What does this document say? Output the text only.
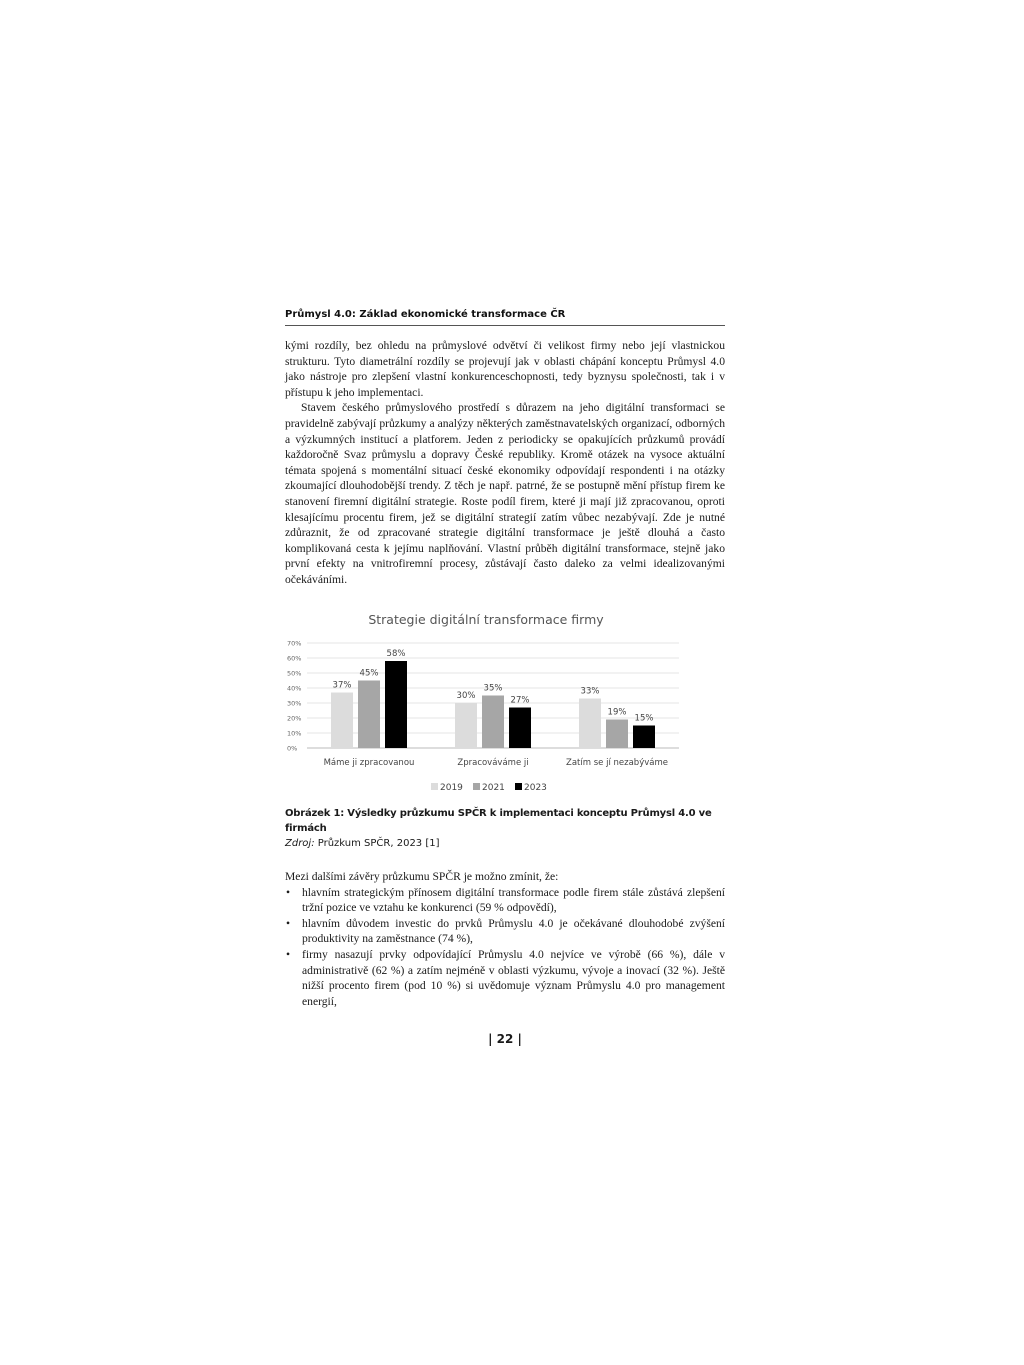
Průmysl 4.0: Základ ekonomické transformace ČR

kými rozdíly, bez ohledu na průmyslové odvětví či velikost firmy nebo její vlastnickou strukturu. Tyto diametrální rozdíly se projevují jak v oblasti chápání konceptu Průmysl 4.0 jako nástroje pro zlepšení vlastní konkurenceschopnosti, tedy byznysu společnosti, tak i v přístupu k jeho implementaci.

Stavem českého průmyslového prostředí s důrazem na jeho digitální transformaci se pravidelně zabývají průzkumy a analýzy některých zaměstnavatelských organizací, odborných a výzkumných institucí a platforem. Jeden z periodicky se opakujících průzkumů provádí každoročně Svaz průmyslu a dopravy České republiky. Kromě otázek na vysoce aktuální témata spojená s momentální situací české ekonomiky odpovídají respondenti i na otázky zkoumající dlouhodobější trendy. Z těch je např. patrné, že se postupně mění přístup firem ke stanovení firemní digitální strategie. Roste podíl firem, které ji mají již zpracovanou, oproti klesajícímu procentu firem, jež se digitální strategií zatím vůbec nezabývají. Zde je nutné zdůraznit, že od zpracované strategie digitální transformace je ještě dlouhá a často komplikovaná cesta k jejímu naplňování. Vlastní průběh digitální transformace, stejně jako první efekty na vnitrofiremní procesy, zůstávají často daleko za velmi idealizovanými očekáváními.

Strategie digitální transformace firmy
0%
10%
20%
30%
40%
50%
60%
70%
37%
45%
58%
Máme ji zpracovanou
30%
35%
27%
Zpracováváme ji
33%
19%
15%
Zatím se jí nezabýváme
2019 2021 2023
Obrázek 1: Výsledky průzkumu SPČR k implementaci konceptu Průmysl 4.0 ve firmách
Zdroj: Průzkum SPČR, 2023 [1]

Mezi dalšími závěry průzkumu SPČR je možno zmínit, že:

• hlavním strategickým přínosem digitální transformace podle firem stále zůstává zlepšení tržní pozice ve vztahu ke konkurenci (59 % odpovědí),
• hlavním důvodem investic do prvků Průmyslu 4.0 je očekávané dlouhodobé zvýšení produktivity na zaměstnance (74 %),
• firmy nasazují prvky odpovídající Průmyslu 4.0 nejvíce ve výrobě (66 %), dále v administrativě (62 %) a zatím nejméně v oblasti výzkumu, vývoje a inovací (32 %). Ještě nižší procento firem (pod 10 %) si uvědomuje význam Průmyslu 4.0 pro management energií,
| 22 |
